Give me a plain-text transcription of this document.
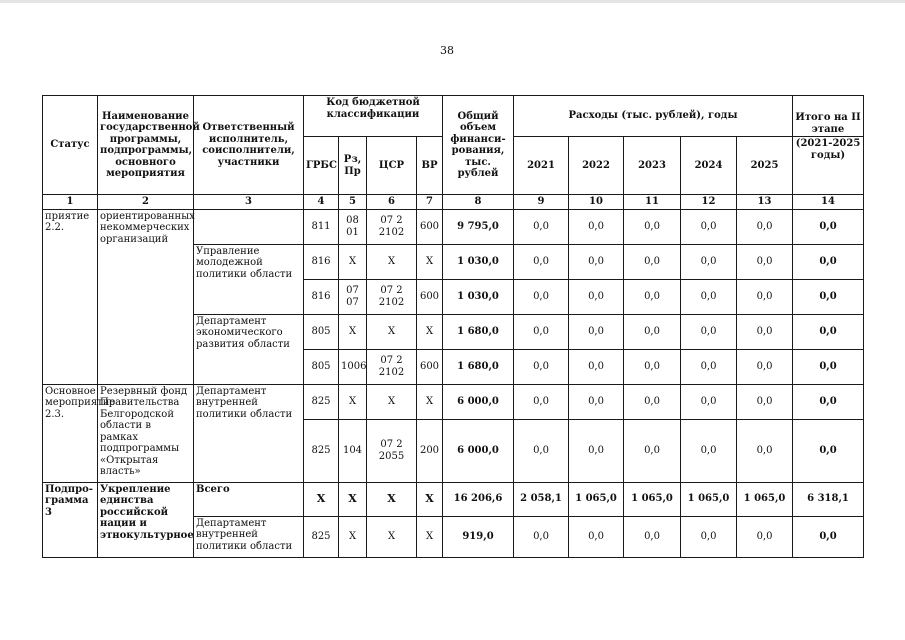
38
Статус	Наименование государственной программы, подпрограммы, основного мероприятия	Ответственный исполнитель, соисполнители, участники	Код бюджетной классификации				Общий объем финанси-рования, тыс. рублей	Расходы (тыс. рублей), годы					Итого на II этапе
			ГРБС	Рз, Пр	ЦСР	ВР		2021	2022	2023	2024	2025	(2021-2025 годы)
1	2	3	4	5	6	7	8	9	10	11	12	13	14
приятие 2.2.	ориентированных некоммерческих организаций		811	08 01	07 2 2102	600	9 795,0	0,0	0,0	0,0	0,0	0,0	0,0
		Управление молодежной политики области	816	Х	Х	Х	1 030,0	0,0	0,0	0,0	0,0	0,0	0,0
			816	07 07	07 2 2102	600	1 030,0	0,0	0,0	0,0	0,0	0,0	0,0
		Департамент экономического развития области	805	Х	Х	Х	1 680,0	0,0	0,0	0,0	0,0	0,0	0,0
			805	1006	07 2 2102	600	1 680,0	0,0	0,0	0,0	0,0	0,0	0,0
Основное мероприятие 2.3.	Резервный фонд Правительства Белгородской области в рамках подпрограммы «Открытая власть»	Департамент внутренней политики области	825	Х	Х	Х	6 000,0	0,0	0,0	0,0	0,0	0,0	0,0
			825	104	07 2 2055	200	6 000,0	0,0	0,0	0,0	0,0	0,0	0,0
Подпро-грамма 3	Укрепление единства российской нации и этнокультурное	Всего	Х	Х	Х	Х	16 206,6	2 058,1	1 065,0	1 065,0	1 065,0	1 065,0	6 318,1
		Департамент внутренней политики области	825	Х	Х	Х	919,0	0,0	0,0	0,0	0,0	0,0	0,0
